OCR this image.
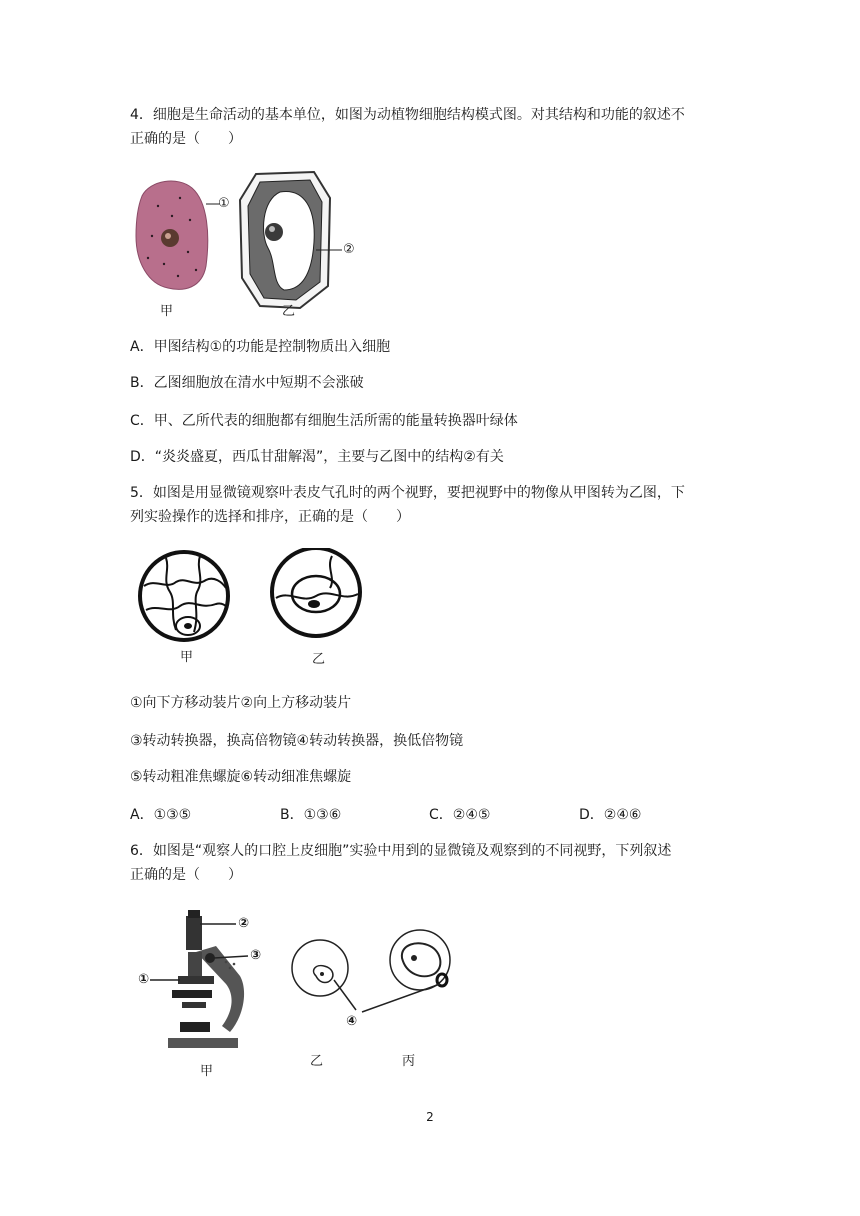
4．细胞是生命活动的基本单位，如图为动植物细胞结构模式图。对其结构和功能的叙述不
正确的是（　　）
①
②
甲	乙
A．甲图结构①的功能是控制物质出入细胞
B．乙图细胞放在清水中短期不会涨破
C．甲、乙所代表的细胞都有细胞生活所需的能量转换器叶绿体
D．“炎炎盛夏，西瓜甘甜解渴”，主要与乙图中的结构②有关
5．如图是用显微镜观察叶表皮气孔时的两个视野，要把视野中的物像从甲图转为乙图，下
列实验操作的选择和排序，正确的是（　　）
甲	乙
①向下方移动装片②向上方移动装片
③转动转换器，换高倍物镜④转动转换器，换低倍物镜
⑤转动粗准焦螺旋⑥转动细准焦螺旋
A．①③⑤	B．①③⑥	C．②④⑤	D．②④⑥
6．如图是“观察人的口腔上皮细胞”实验中用到的显微镜及观察到的不同视野，下列叙述
正确的是（　　）
②
③
①
④
甲
乙	丙
2
